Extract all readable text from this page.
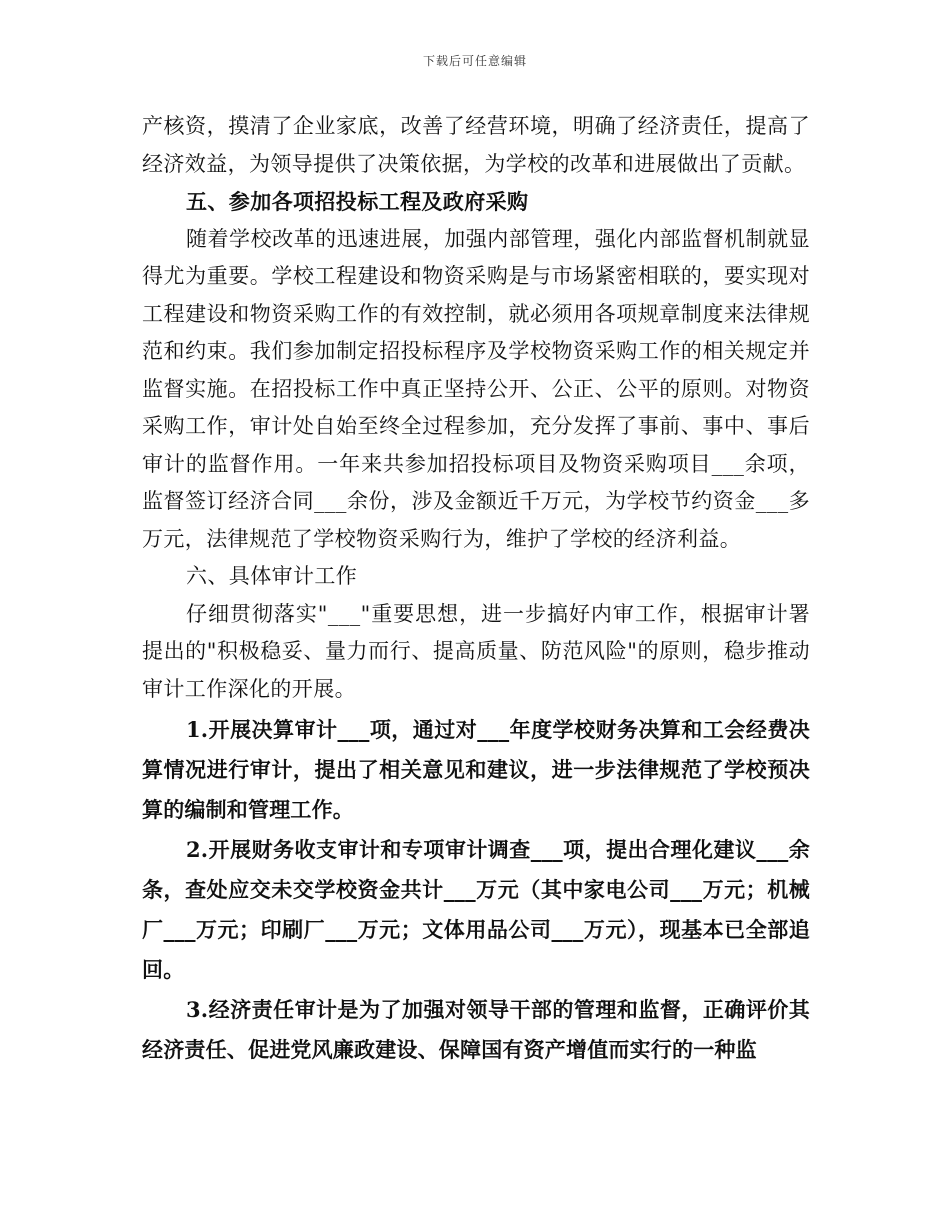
下载后可任意编辑

产核资，摸清了企业家底，改善了经营环境，明确了经济责任，提高了经济效益，为领导提供了决策依据，为学校的改革和进展做出了贡献。

五、参加各项招投标工程及政府采购

随着学校改革的迅速进展，加强内部管理，强化内部监督机制就显得尤为重要。学校工程建设和物资采购是与市场紧密相联的，要实现对工程建设和物资采购工作的有效控制，就必须用各项规章制度来法律规范和约束。我们参加制定招投标程序及学校物资采购工作的相关规定并监督实施。在招投标工作中真正坚持公开、公正、公平的原则。对物资采购工作，审计处自始至终全过程参加，充分发挥了事前、事中、事后审计的监督作用。一年来共参加招投标项目及物资采购项目___余项，监督签订经济合同___余份，涉及金额近千万元，为学校节约资金___多万元，法律规范了学校物资采购行为，维护了学校的经济利益。

六、具体审计工作

仔细贯彻落实"___"重要思想，进一步搞好内审工作，根据审计署提出的"积极稳妥、量力而行、提高质量、防范风险"的原则，稳步推动审计工作深化的开展。

1.开展决算审计___项，通过对___年度学校财务决算和工会经费决算情况进行审计，提出了相关意见和建议，进一步法律规范了学校预决算的编制和管理工作。

2.开展财务收支审计和专项审计调查___项，提出合理化建议___余条，查处应交未交学校资金共计___万元（其中家电公司___万元；机械厂___万元；印刷厂___万元；文体用品公司___万元），现基本已全部追回。

3.经济责任审计是为了加强对领导干部的管理和监督，正确评价其经济责任、促进党风廉政建设、保障国有资产增值而实行的一种监
